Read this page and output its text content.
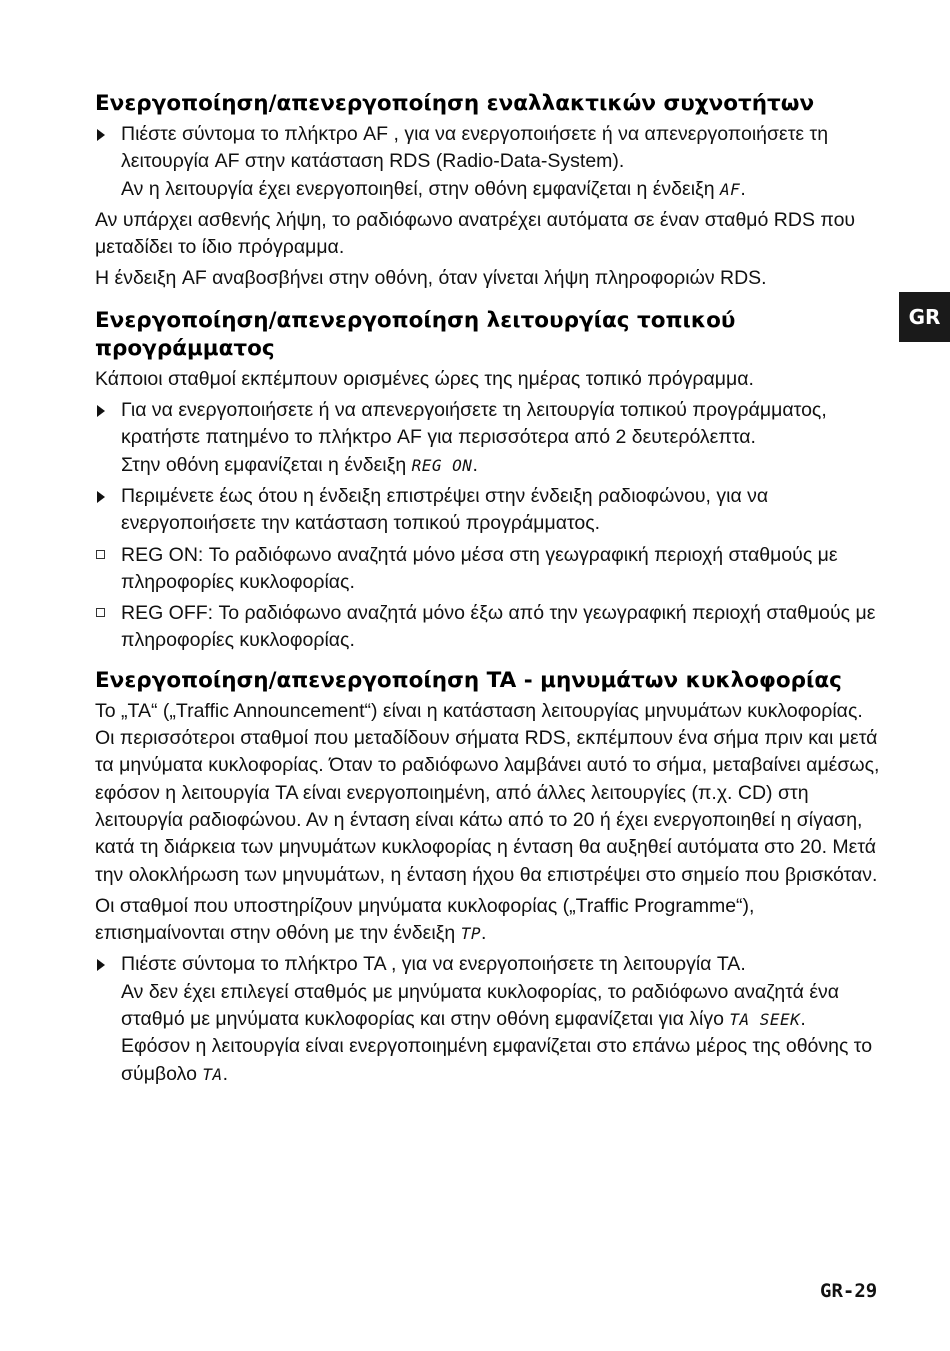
Ενεργοποίηση/απενεργοποίηση εναλλακτικών συχνοτήτων
Πιέστε σύντομα το πλήκτρο AF , για να ενεργοποιήσετε ή να απενεργοποιήσετε τη λειτουργία AF στην κατάσταση RDS (Radio-Data-System).
Αν η λειτουργία έχει ενεργοποιηθεί, στην οθόνη εμφανίζεται η ένδειξη AF.

Αν υπάρχει ασθενής λήψη, το ραδιόφωνο ανατρέχει αυτόματα σε έναν σταθμό RDS που μεταδίδει το ίδιο πρόγραμμα.

Η ένδειξη AF αναβοσβήνει στην οθόνη, όταν γίνεται λήψη πληροφοριών RDS.

Ενεργοποίηση/απενεργοποίηση λειτουργίας τοπικού προγράμματος

Κάποιοι σταθμοί εκπέμπουν ορισμένες ώρες της ημέρας τοπικό πρόγραμμα.

Για να ενεργοποιήσετε ή να απενεργοιήσετε τη λειτουργία τοπικού προγράμματος, κρατήστε πατημένο το πλήκτρο AF για περισσότερα από 2 δευτερόλεπτα.
Στην οθόνη εμφανίζεται η ένδειξη REG ON.
Περιμένετε έως ότου η ένδειξη επιστρέψει στην ένδειξη ραδιοφώνου, για να ενεργοποιήσετε την κατάσταση τοπικού προγράμματος.
REG ON: Το ραδιόφωνο αναζητά μόνο μέσα στη γεωγραφική περιοχή σταθμούς με πληροφορίες κυκλοφορίας.
REG OFF: Το ραδιόφωνο αναζητά μόνο έξω από την γεωγραφική περιοχή σταθμούς με πληροφορίες κυκλοφορίας.
Ενεργοποίηση/απενεργοποίηση TA - μηνυμάτων κυκλοφορίας

Το „TA“ („Traffic Announcement“) είναι η κατάσταση λειτουργίας μηνυμάτων κυκλοφορίας. Οι περισσότεροι σταθμοί που μεταδίδουν σήματα RDS, εκπέμπουν ένα σήμα πριν και μετά τα μηνύματα κυκλοφορίας. Όταν το ραδιόφωνο λαμβάνει αυτό το σήμα, μεταβαίνει αμέσως, εφόσον η λειτουργία TA είναι ενεργοποιημένη, από άλλες λειτουργίες (π.χ. CD) στη λειτουργία ραδιοφώνου. Αν η ένταση είναι κάτω από το 20 ή έχει ενεργοποιηθεί η σίγαση, κατά τη διάρκεια των μηνυμάτων κυκλοφορίας η ένταση θα αυξηθεί αυτόματα στο 20. Μετά την ολοκλήρωση των μηνυμάτων, η ένταση ήχου θα επιστρέψει στο σημείο που βρισκόταν.

Οι σταθμοί που υποστηρίζουν μηνύματα κυκλοφορίας („Traffic Programme“), επισημαίνονται στην οθόνη με την ένδειξη TP.

Πιέστε σύντομα το πλήκτρο TA , για να ενεργοποιήσετε τη λειτουργία TA.
Αν δεν έχει επιλεγεί σταθμός με μηνύματα κυκλοφορίας, το ραδιόφωνο αναζητά ένα σταθμό με μηνύματα κυκλοφορίας και στην οθόνη εμφανίζεται για λίγο TA SEEK.
Εφόσον η λειτουργία είναι ενεργοποιημένη εμφανίζεται στο επάνω μέρος της οθόνης το σύμβολο TA.
GR
GR-29
